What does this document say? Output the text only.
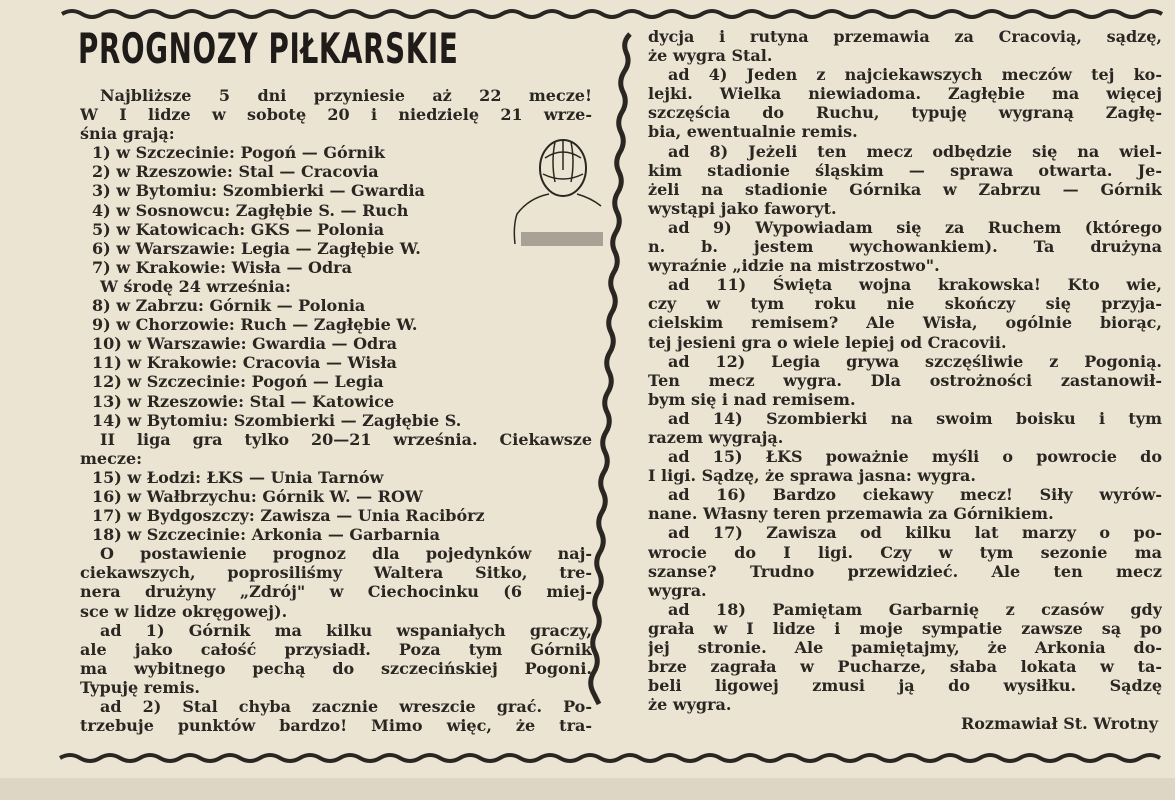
PROGNOZY PIŁKARSKIE
Najbliższe 5 dni przyniesie aż 22 mecze!
W I lidze w sobotę 20 i niedzielę 21 wrze-
śnia grają:
1) w Szczecinie: Pogoń — Górnik
2) w Rzeszowie: Stal — Cracovia
3) w Bytomiu: Szombierki — Gwardia
4) w Sosnowcu: Zagłębie S. — Ruch
5) w Katowicach: GKS — Polonia
6) w Warszawie: Legia — Zagłębie W.
7) w Krakowie: Wisła — Odra
W środę 24 września:
8) w Zabrzu: Górnik — Polonia
9) w Chorzowie: Ruch — Zagłębie W.
10) w Warszawie: Gwardia — Odra
11) w Krakowie: Cracovia — Wisła
12) w Szczecinie: Pogoń — Legia
13) w Rzeszowie: Stal — Katowice
14) w Bytomiu: Szombierki — Zagłębie S.
II liga gra tylko 20—21 września. Ciekawsze
mecze:
15) w Łodzi: ŁKS — Unia Tarnów
16) w Wałbrzychu: Górnik W. — ROW
17) w Bydgoszczy: Zawisza — Unia Racibórz
18) w Szczecinie: Arkonia — Garbarnia
O postawienie prognoz dla pojedynków naj-
ciekawszych, poprosiliśmy Waltera Sitko, tre-
nera drużyny „Zdrój" w Ciechocinku (6 miej-
sce w lidze okręgowej).
ad 1) Górnik ma kilku wspaniałych graczy,
ale jako całość przysiadł. Poza tym Górnik
ma wybitnego pechą do szczecińskiej Pogoni.
Typuję remis.
ad 2) Stal chyba zacznie wreszcie grać. Po-
trzebuje punktów bardzo! Mimo więc, że tra-
dycja i rutyna przemawia za Cracovią, sądzę,
że wygra Stal.
ad 4) Jeden z najciekawszych meczów tej ko-
lejki. Wielka niewiadoma. Zagłębie ma więcej
szczęścia do Ruchu, typuję wygraną Zagłę-
bia, ewentualnie remis.
ad 8) Jeżeli ten mecz odbędzie się na wiel-
kim stadionie śląskim — sprawa otwarta. Je-
żeli na stadionie Górnika w Zabrzu — Górnik
wystąpi jako faworyt.
ad 9) Wypowiadam się za Ruchem (którego
n. b. jestem wychowankiem). Ta drużyna
wyraźnie „idzie na mistrzostwo".
ad 11) Święta wojna krakowska! Kto wie,
czy w tym roku nie skończy się przyja-
cielskim remisem? Ale Wisła, ogólnie biorąc,
tej jesieni gra o wiele lepiej od Cracovii.
ad 12) Legia grywa szczęśliwie z Pogonią.
Ten mecz wygra. Dla ostrożności zastanowił-
bym się i nad remisem.
ad 14) Szombierki na swoim boisku i tym
razem wygrają.
ad 15) ŁKS poważnie myśli o powrocie do
I ligi. Sądzę, że sprawa jasna: wygra.
ad 16) Bardzo ciekawy mecz! Siły wyrów-
nane. Własny teren przemawia za Górnikiem.
ad 17) Zawisza od kilku lat marzy o po-
wrocie do I ligi. Czy w tym sezonie ma
szanse? Trudno przewidzieć. Ale ten mecz
wygra.
ad 18) Pamiętam Garbarnię z czasów gdy
grała w I lidze i moje sympatie zawsze są po
jej stronie. Ale pamiętajmy, że Arkonia do-
brze zagrała w Pucharze, słaba lokata w ta-
beli ligowej zmusi ją do wysiłku. Sądzę
że wygra.
Rozmawiał St. Wrotny
